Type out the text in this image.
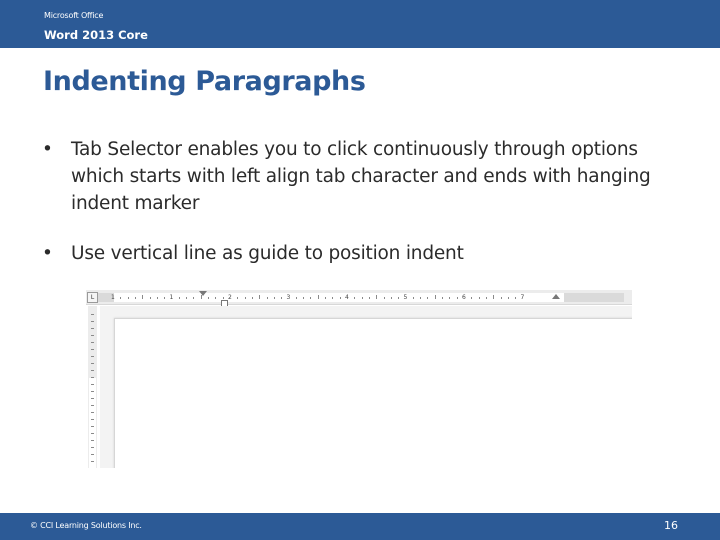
Microsoft Office
Word 2013 Core
Indenting Paragraphs
• Tab Selector enables you to click continuously through options which starts with left align tab character and ends with hanging indent marker
• Use vertical line as guide to position indent
L	1	1	2	3	4	5	6	7
© CCI Learning Solutions Inc.	16
